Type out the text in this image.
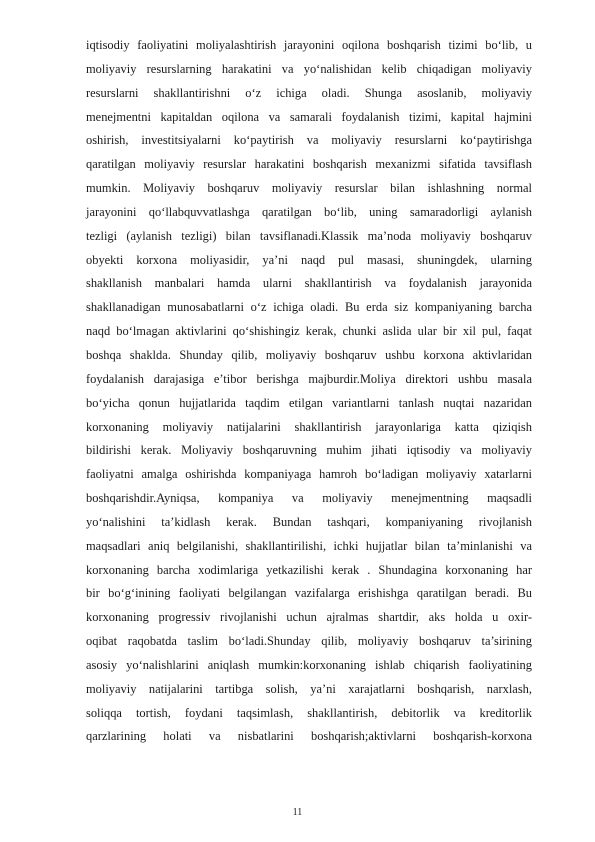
iqtisodiy faoliyatini moliyalashtirish jarayonini oqilona boshqarish tizimi bo‘lib, u
moliyaviy resurslarning harakatini va yo‘nalishidan kelib chiqadigan moliyaviy
resurslarni shakllantirishni o‘z ichiga oladi. Shunga asoslanib, moliyaviy
menejmentni kapitaldan oqilona va samarali foydalanish tizimi, kapital hajmini
oshirish, investitsiyalarni ko‘paytirish va moliyaviy resurslarni ko‘paytirishga
qaratilgan moliyaviy resurslar harakatini boshqarish mexanizmi sifatida tavsiflash
mumkin. Moliyaviy boshqaruv moliyaviy resurslar bilan ishlashning normal
jarayonini qo‘llabquvvatlashga qaratilgan bo‘lib, uning samaradorligi aylanish
tezligi (aylanish tezligi) bilan tavsiflanadi.Klassik ma’noda moliyaviy boshqaruv
obyekti korxona moliyasidir, ya’ni naqd pul masasi, shuningdek, ularning
shakllanish manbalari hamda ularni shakllantirish va foydalanish jarayonida
shakllanadigan munosabatlarni o‘z ichiga oladi. Bu erda siz kompaniyaning barcha
naqd bo‘lmagan aktivlarini qo‘shishingiz kerak, chunki aslida ular bir xil pul, faqat
boshqa shaklda. Shunday qilib, moliyaviy boshqaruv ushbu korxona aktivlaridan
foydalanish darajasiga e’tibor berishga majburdir.Moliya direktori ushbu masala
bo‘yicha qonun hujjatlarida taqdim etilgan variantlarni tanlash nuqtai nazaridan
korxonaning moliyaviy natijalarini shakllantirish jarayonlariga katta qiziqish
bildirishi kerak. Moliyaviy boshqaruvning muhim jihati iqtisodiy va moliyaviy
faoliyatni amalga oshirishda kompaniyaga hamroh bo‘ladigan moliyaviy xatarlarni
boshqarishdir.Ayniqsa, kompaniya va moliyaviy menejmentning maqsadli
yo‘nalishini ta’kidlash kerak. Bundan tashqari, kompaniyaning rivojlanish
maqsadlari aniq belgilanishi, shakllantirilishi, ichki hujjatlar bilan ta’minlanishi va
korxonaning barcha xodimlariga yetkazilishi kerak . Shundagina korxonaning har
bir bo‘g‘inining faoliyati belgilangan vazifalarga erishishga qaratilgan beradi. Bu
korxonaning progressiv rivojlanishi uchun ajralmas shartdir, aks holda u oxir-
oqibat raqobatda taslim bo‘ladi.Shunday qilib, moliyaviy boshqaruv ta’sirining
asosiy yo‘nalishlarini aniqlash mumkin:korxonaning ishlab chiqarish faoliyatining
moliyaviy natijalarini tartibga solish, ya’ni xarajatlarni boshqarish, narxlash,
soliqqa tortish, foydani taqsimlash, shakllantirish, debitorlik va kreditorlik
qarzlarining holati va nisbatlarini boshqarish;aktivlarni boshqarish-korxona
11
